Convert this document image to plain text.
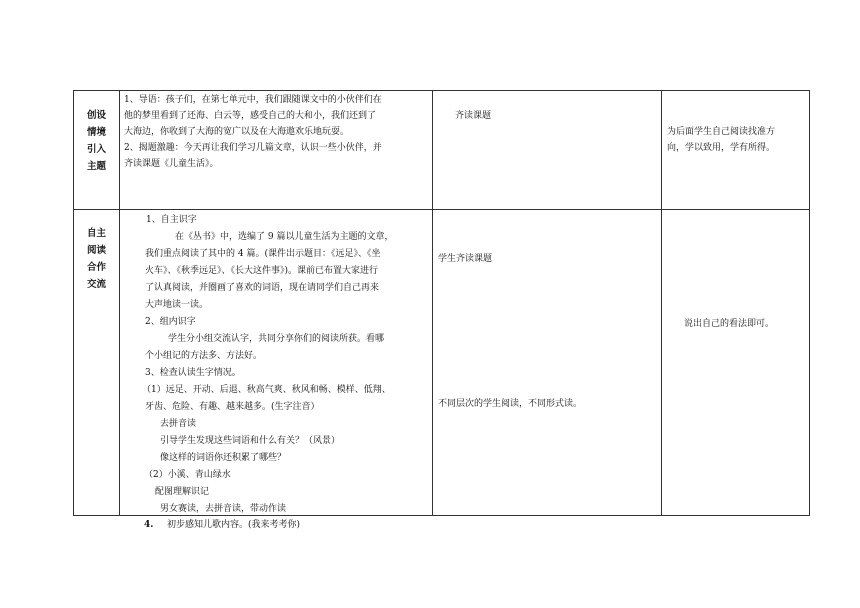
创设
情境
引入
主题
1、导语：孩子们，在第七单元中，我们跟随课文中的小伙伴们在
他的梦里看到了还海、白云等，感受自己的大和小，我们还到了
大海边，你收到了大海的宽广以及在大海遨欢乐地玩耍。
2、揭题激趣：今天再让我们学习几篇文章，认识一些小伙伴，并
齐读课题《儿童生活》。
齐读课题
为后面学生自己阅读找准方
向，学以致用，学有所得。
自主
阅读
合作
交流
1、自主识字
在《丛书》中，选编了 9 篇以儿童生活为主题的文章，
我们重点阅读了其中的 4 篇。(课件出示题目：《远足》、《坐
火车》、《秋季远足》、《长大这件事》)。课前已布置大家进行
了认真阅读，并圈画了喜欢的词语，现在请同学们自己再来
大声地读一读。
2、组内识字
学生分小组交流认字，共同分享你们的阅读所获。看哪
个小组记的方法多、方法好。
3、检查认读生字情况。
（1）远足、开动、后退、秋高气爽、秋风和畅、模样、低翔、
牙齿、危险、有趣、越来越多。(生字注音）
去拼音读
引导学生发现这些词语和什么有关？（风景）
像这样的词语你还积累了哪些？
（2）小溪、青山绿水
配图理解识记
男女赛读，去拼音读，带动作读
4. 初步感知儿歌内容。(我来考考你)
学生齐读课题
不同层次的学生阅读，不同形式读。
说出自己的看法即可。
